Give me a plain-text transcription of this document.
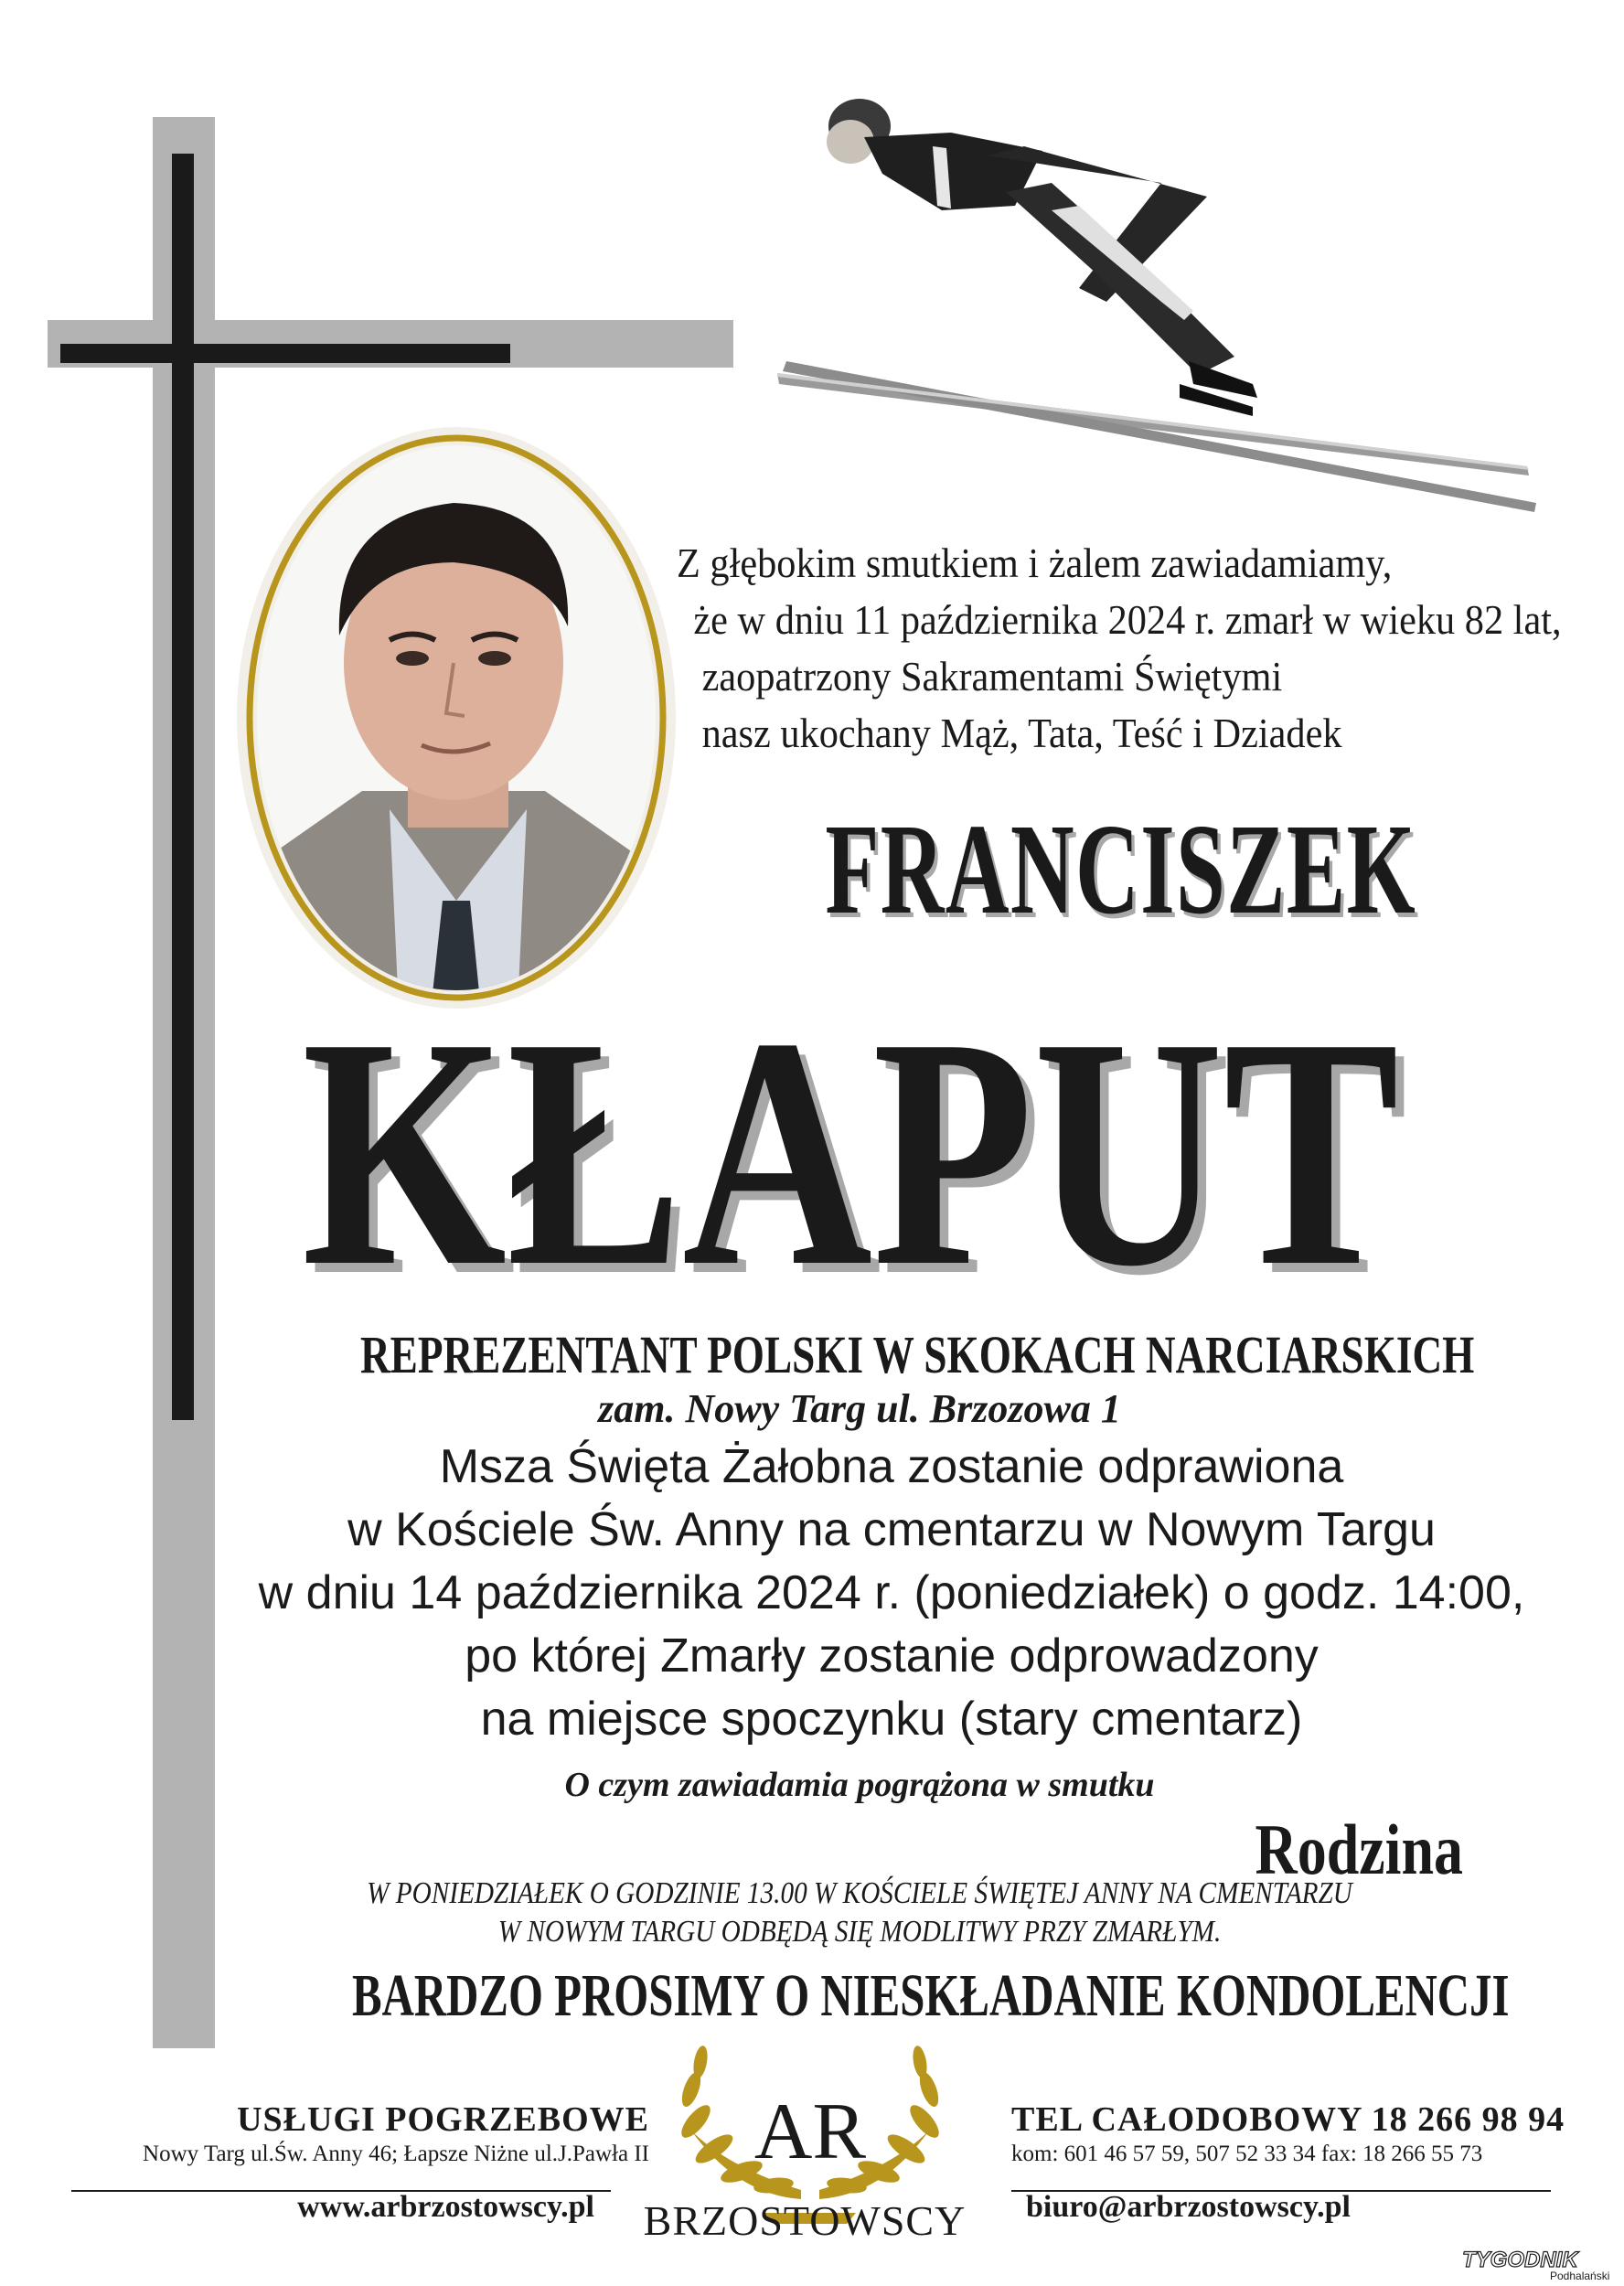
Z głębokim smutkiem i żalem zawiadamiamy,
że w dniu 11 października 2024 r. zmarł w wieku 82 lat,
zaopatrzony Sakramentami Świętymi
nasz ukochany Mąż, Tata, Teść i Dziadek
FRANCISZEK
KŁAPUT
REPREZENTANT POLSKI W SKOKACH NARCIARSKICH
zam. Nowy Targ ul. Brzozowa 1
Msza Święta Żałobna zostanie odprawiona
w Kościele Św. Anny na cmentarzu w Nowym Targu
w dniu 14 października 2024 r. (poniedziałek) o godz. 14:00,
po której Zmarły zostanie odprowadzony
na miejsce spoczynku (stary cmentarz)
O czym zawiadamia pogrążona w smutku
Rodzina
W PONIEDZIAŁEK O GODZINIE 13.00 W KOŚCIELE ŚWIĘTEJ ANNY NA CMENTARZU
W NOWYM TARGU ODBĘDĄ SIĘ MODLITWY PRZY ZMARŁYM.
BARDZO PROSIMY O NIESKŁADANIE KONDOLENCJI
USŁUGI POGRZEBOWE
Nowy Targ ul.Św. Anny 46; Łapsze Niżne ul.J.Pawła II
www.arbrzostowscy.pl
AR
BRZOSTOWSCY
TEL CAŁODOBOWY 18 266 98 94
kom: 601 46 57 59, 507 52 33 34 fax: 18 266 55 73
biuro@arbrzostowscy.pl
TYGODNIK
Podhalański
